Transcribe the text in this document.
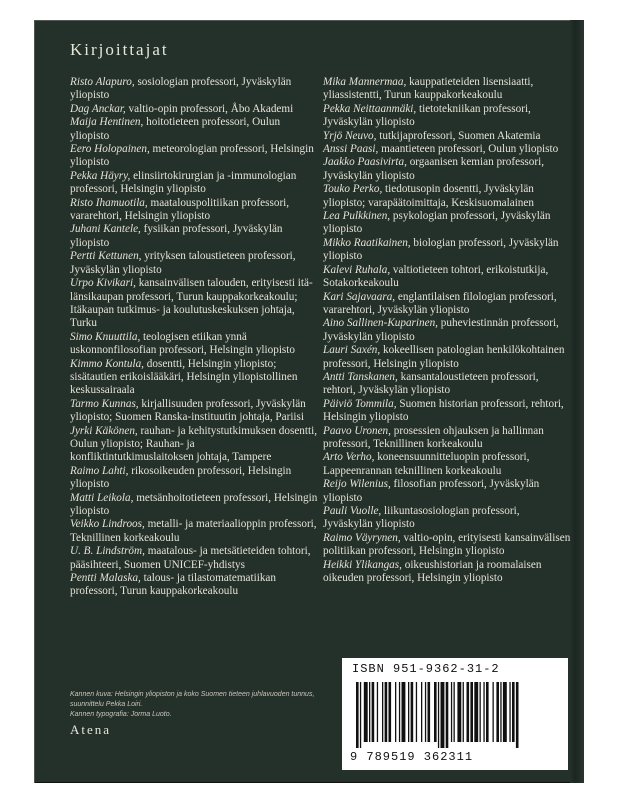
Kirjoittajat
Risto Alapuro, sosiologian professori, Jyväskylän yliopisto
Dag Anckar, valtio-opin professori, Åbo Akademi
Maija Hentinen, hoitotieteen professori, Oulun yliopisto
Eero Holopainen, meteorologian professori, Helsingin yliopisto
Pekka Häyry, elinsiirtokirurgian ja -immunologian professori, Helsingin yliopisto
Risto Ihamuotila, maatalouspolitiikan professori, vararehtori, Helsingin yliopisto
Juhani Kantele, fysiikan professori, Jyväskylän yliopisto
Pertti Kettunen, yrityksen taloustieteen professori, Jyväskylän yliopisto
Urpo Kivikari, kansainvälisen talouden, erityisesti itä-länsikaupan professori, Turun kauppakorkeakoulu; Itäkaupan tutkimus- ja koulutuskeskuksen johtaja, Turku
Simo Knuuttila, teologisen etiikan ynnä uskonnonfilosofian professori, Helsingin yliopisto
Kimmo Kontula, dosentti, Helsingin yliopisto; sisätautien erikoislääkäri, Helsingin yliopistollinen keskussairaala
Tarmo Kunnas, kirjallisuuden professori, Jyväskylän yliopisto; Suomen Ranska-instituutin johtaja, Pariisi
Jyrki Käkönen, rauhan- ja kehitystutkimuksen dosentti, Oulun yliopisto; Rauhan- ja konfliktintutkimuslaitoksen johtaja, Tampere
Raimo Lahti, rikosoikeuden professori, Helsingin yliopisto
Matti Leikola, metsänhoitotieteen professori, Helsingin yliopisto
Veikko Lindroos, metalli- ja materiaalioppin professori, Teknillinen korkeakoulu
U. B. Lindström, maatalous- ja metsätieteiden tohtori, pääsihteeri, Suomen UNICEF-yhdistys
Pentti Malaska, talous- ja tilastomatematiikan professori, Turun kauppakorkeakoulu
Mika Mannermaa, kauppatieteiden lisensiaatti, yliassistentti, Turun kauppakorkeakoulu
Pekka Neittaanmäki, tietotekniikan professori, Jyväskylän yliopisto
Yrjö Neuvo, tutkijaprofessori, Suomen Akatemia
Anssi Paasi, maantieteen professori, Oulun yliopisto
Jaakko Paasivirta, orgaanisen kemian professori, Jyväskylän yliopisto
Touko Perko, tiedotusopin dosentti, Jyväskylän yliopisto; varapäätoimittaja, Keskisuomalainen
Lea Pulkkinen, psykologian professori, Jyväskylän yliopisto
Mikko Raatikainen, biologian professori, Jyväskylän yliopisto
Kalevi Ruhala, valtiotieteen tohtori, erikoistutkija, Sotakorkeakoulu
Kari Sajavaara, englantilaisen filologian professori, vararehtori, Jyväskylän yliopisto
Aino Sallinen-Kuparinen, puheviestinnän professori, Jyväskylän yliopisto
Lauri Saxén, kokeellisen patologian henkilökohtainen professori, Helsingin yliopisto
Antti Tanskanen, kansantaloustieteen professori, rehtori, Jyväskylän yliopisto
Päiviö Tommila, Suomen historian professori, rehtori, Helsingin yliopisto
Paavo Uronen, prosessien ohjauksen ja hallinnan professori, Teknillinen korkeakoulu
Arto Verho, koneensuunnitteluopin professori, Lappeenrannan teknillinen korkeakoulu
Reijo Wilenius, filosofian professori, Jyväskylän yliopisto
Pauli Vuolle, liikuntasosiologian professori, Jyväskylän yliopisto
Raimo Väyrynen, valtio-opin, erityisesti kansainvälisen politiikan professori, Helsingin yliopisto
Heikki Ylikangas, oikeushistorian ja roomalaisen oikeuden professori, Helsingin yliopisto
Kannen kuva: Helsingin yliopiston ja koko Suomen tieteen juhlavuoden tunnus,
suunnittelu Pekka Loiri.
Kannen typografia: Jorma Luoto.
Atena
ISBN 951-9362-31-2
9 789519 362311
